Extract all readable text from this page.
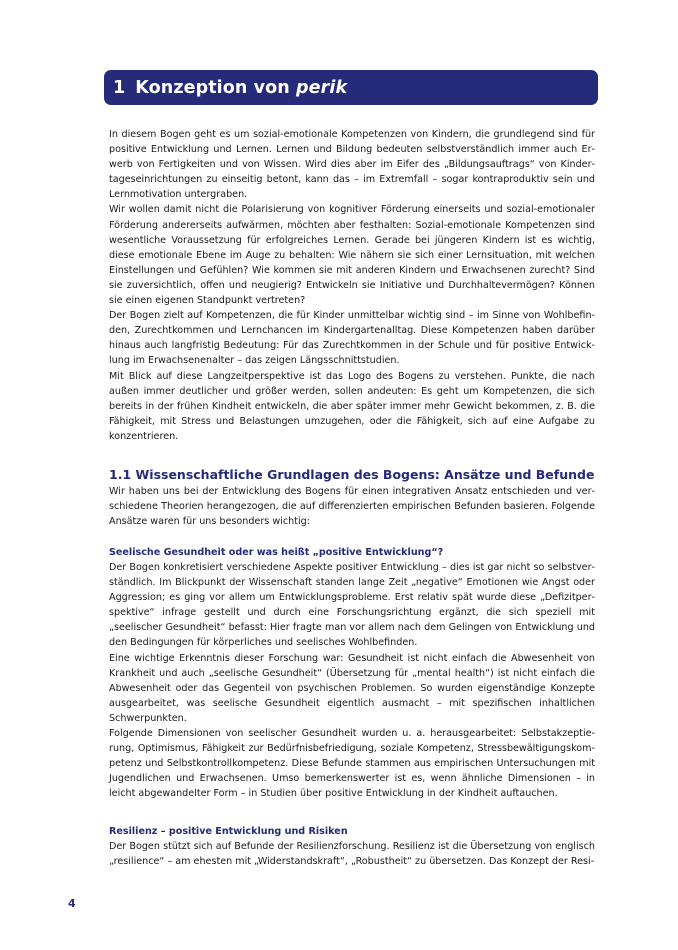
1 Konzeption von perik

In diesem Bogen geht es um sozial-emotionale Kompetenzen von Kindern, die grundlegend sind für positive Entwicklung und Lernen. Lernen und Bildung bedeuten selbstverständlich immer auch Erwerb von Fertigkeiten und von Wissen. Wird dies aber im Eifer des „Bildungsauftrags“ von Kindertageseinrichtungen zu einseitig betont, kann das – im Extremfall – sogar kontraproduktiv sein und Lernmotivation untergraben.

Wir wollen damit nicht die Polarisierung von kognitiver Förderung einerseits und sozial-emotionaler Förderung andererseits aufwärmen, möchten aber festhalten: Sozial-emotionale Kompetenzen sind wesentliche Voraussetzung für erfolgreiches Lernen. Gerade bei jüngeren Kindern ist es wichtig, diese emotionale Ebene im Auge zu behalten: Wie nähern sie sich einer Lernsituation, mit welchen Einstellungen und Gefühlen? Wie kommen sie mit anderen Kindern und Erwachsenen zurecht? Sind sie zuversichtlich, offen und neugierig? Entwickeln sie Initiative und Durchhaltevermögen? Können sie einen eigenen Standpunkt vertreten?

Der Bogen zielt auf Kompetenzen, die für Kinder unmittelbar wichtig sind – im Sinne von Wohlbefinden, Zurechtkommen und Lernchancen im Kindergartenalltag. Diese Kompetenzen haben darüber hinaus auch langfristig Bedeutung: Für das Zurechtkommen in der Schule und für positive Entwicklung im Erwachsenenalter – das zeigen Längsschnittstudien.

Mit Blick auf diese Langzeitperspektive ist das Logo des Bogens zu verstehen. Punkte, die nach außen immer deutlicher und größer werden, sollen andeuten: Es geht um Kompetenzen, die sich bereits in der frühen Kindheit entwickeln, die aber später immer mehr Gewicht bekommen, z. B. die Fähigkeit, mit Stress und Belastungen umzugehen, oder die Fähigkeit, sich auf eine Aufgabe zu konzentrieren.

1.1 Wissenschaftliche Grundlagen des Bogens: Ansätze und Befunde

Wir haben uns bei der Entwicklung des Bogens für einen integrativen Ansatz entschieden und verschiedene Theorien herangezogen, die auf differenzierten empirischen Befunden basieren. Folgende Ansätze waren für uns besonders wichtig:

Seelische Gesundheit oder was heißt „positive Entwicklung“?

Der Bogen konkretisiert verschiedene Aspekte positiver Entwicklung – dies ist gar nicht so selbstverständlich. Im Blickpunkt der Wissenschaft standen lange Zeit „negative“ Emotionen wie Angst oder Aggression; es ging vor allem um Entwicklungsprobleme. Erst relativ spät wurde diese „Defizitperspektive“ infrage gestellt und durch eine Forschungsrichtung ergänzt, die sich speziell mit „seelischer Gesundheit“ befasst: Hier fragte man vor allem nach dem Gelingen von Entwicklung und den Bedingungen für körperliches und seelisches Wohlbefinden.

Eine wichtige Erkenntnis dieser Forschung war: Gesundheit ist nicht einfach die Abwesenheit von Krankheit und auch „seelische Gesundheit“ (Übersetzung für „mental health“) ist nicht einfach die Abwesenheit oder das Gegenteil von psychischen Problemen. So wurden eigenständige Konzepte ausgearbeitet, was seelische Gesundheit eigentlich ausmacht – mit spezifischen inhaltlichen Schwerpunkten.

Folgende Dimensionen von seelischer Gesundheit wurden u. a. herausgearbeitet: Selbstakzeptierung, Optimismus, Fähigkeit zur Bedürfnisbefriedigung, soziale Kompetenz, Stressbewältigungskompetenz und Selbstkontrollkompetenz. Diese Befunde stammen aus empirischen Untersuchungen mit Jugendlichen und Erwachsenen. Umso bemerkenswerter ist es, wenn ähnliche Dimensionen – in leicht abgewandelter Form – in Studien über positive Entwicklung in der Kindheit auftauchen.

Resilienz – positive Entwicklung und Risiken

Der Bogen stützt sich auf Befunde der Resilienzforschung. Resilienz ist die Übersetzung von englisch „resilience“ – am ehesten mit „Widerstandskraft“, „Robustheit“ zu übersetzen. Das Konzept der Resi-

4
